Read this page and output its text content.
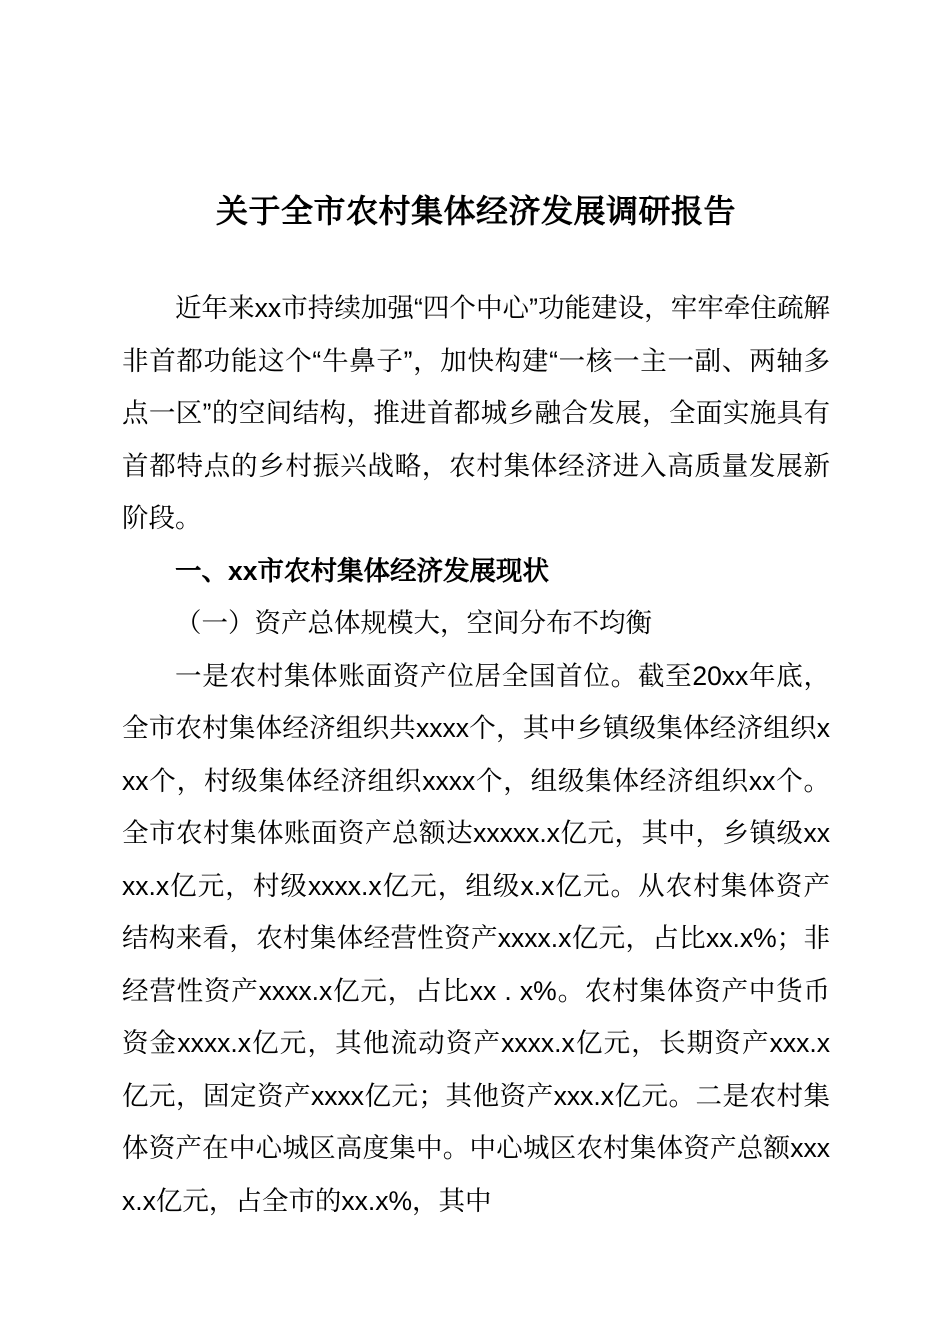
关于全市农村集体经济发展调研报告

近年来xx市持续加强“四个中心”功能建设，牢牢牵住疏解非首都功能这个“牛鼻子”，加快构建“一核一主一副、两轴多点一区”的空间结构，推进首都城乡融合发展，全面实施具有首都特点的乡村振兴战略，农村集体经济进入高质量发展新阶段。

一、xx市农村集体经济发展现状
（一）资产总体规模大，空间分布不均衡

一是农村集体账面资产位居全国首位。截至20xx年底，全市农村集体经济组织共xxxx个，其中乡镇级集体经济组织xxx个，村级集体经济组织xxxx个，组级集体经济组织xx个。全市农村集体账面资产总额达xxxxx.x亿元，其中，乡镇级xxxx.x亿元，村级xxxx.x亿元，组级x.x亿元。从农村集体资产结构来看，农村集体经营性资产xxxx.x亿元，占比xx.x%；非经营性资产xxxx.x亿元，占比xx . x%。农村集体资产中货币资金xxxx.x亿元，其他流动资产xxxx.x亿元，长期资产xxx.x亿元，固定资产xxxx亿元；其他资产xxx.x亿元。二是农村集体资产在中心城区高度集中。中心城区农村集体资产总额xxxx.x亿元，占全市的xx.x%，其中
